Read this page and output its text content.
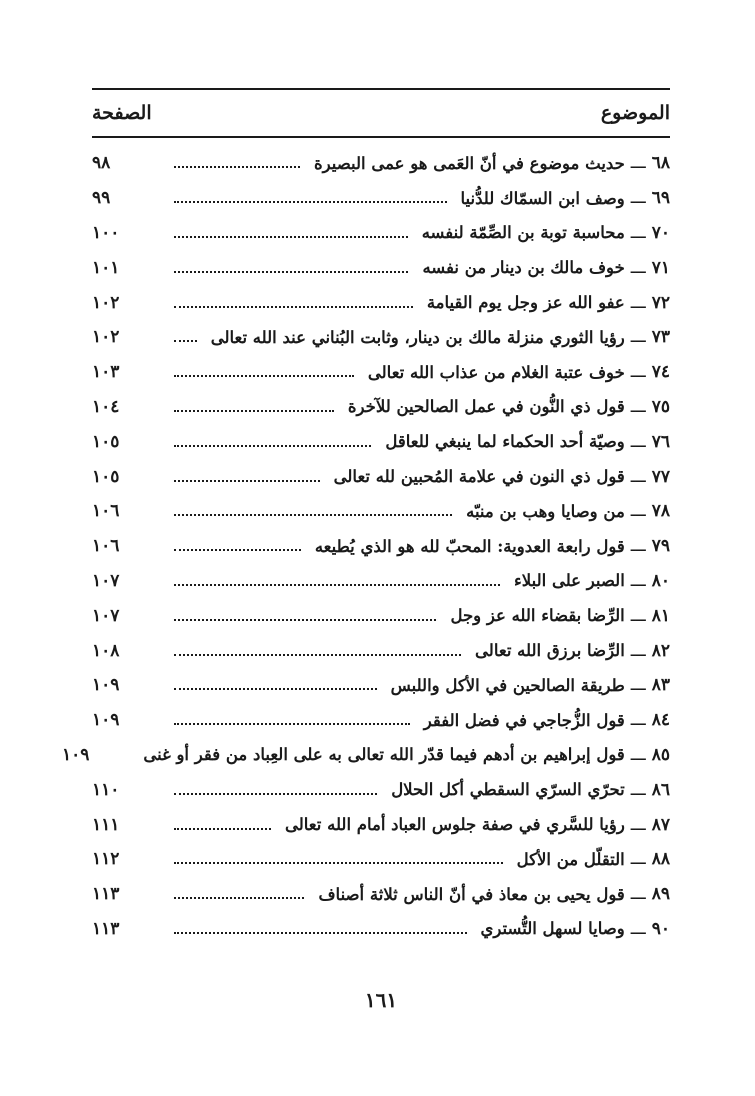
الموضوع
الصفحة
٦٨
ـــ
حديث موضوع في أنّ العَمى هو عمى البصيرة
٩٨
٦٩
ـــ
وصف ابن السمّاك للدُّنيا
٩٩
٧٠
ـــ
محاسبة توبة بن الصِّمّة لنفسه
١٠٠
٧١
ـــ
خوف مالك بن دينار من نفسه
١٠١
٧٢
ـــ
عفو الله عز وجل يوم القيامة
١٠٢
٧٣
ـــ
رؤيا الثوري منزلة مالك بن دينار، وثابت البُناني عند الله تعالى
١٠٢
٧٤
ـــ
خوف عتبة الغلام من عذاب الله تعالى
١٠٣
٧٥
ـــ
قول ذي النُّون في عمل الصالحين للآخرة
١٠٤
٧٦
ـــ
وصيّة أحد الحكماء لما ينبغي للعاقل
١٠٥
٧٧
ـــ
قول ذي النون في علامة المُحبين لله تعالى
١٠٥
٧٨
ـــ
من وصايا وهب بن منبّه
١٠٦
٧٩
ـــ
قول رابعة العدوية: المحبّ لله هو الذي يُطيعه
١٠٦
٨٠
ـــ
الصبر على البلاء
١٠٧
٨١
ـــ
الرِّضا بقضاء الله عز وجل
١٠٧
٨٢
ـــ
الرِّضا برزق الله تعالى
١٠٨
٨٣
ـــ
طريقة الصالحين في الأكل واللبس
١٠٩
٨٤
ـــ
قول الزُّجاجي في فضل الفقر
١٠٩
٨٥
ـــ
قول إبراهيم بن أدهم فيما قدّر الله تعالى به على العِباد من فقر أو غنى
١٠٩
٨٦
ـــ
تحرّي السرّي السقطي أكل الحلال
١١٠
٨٧
ـــ
رؤيا للسَّري في صفة جلوس العباد أمام الله تعالى
١١١
٨٨
ـــ
التقلّل من الأكل
١١٢
٨٩
ـــ
قول يحيى بن معاذ في أنّ الناس ثلاثة أصناف
١١٣
٩٠
ـــ
وصايا لسهل التُّستري
١١٣
١٦١
